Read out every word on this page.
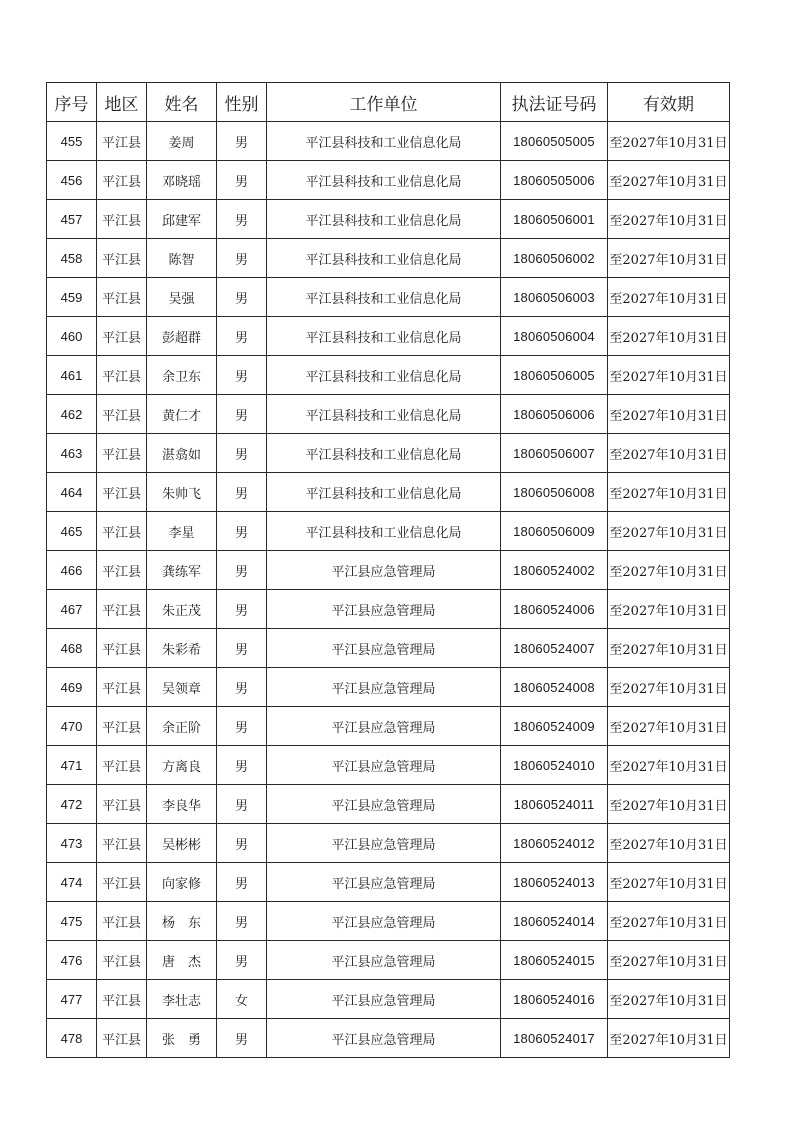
序号	地区	姓名	性别	工作单位	执法证号码	有效期
455	平江县	姜周	男	平江县科技和工业信息化局	18060505005	至2027年10月31日
456	平江县	邓晓瑶	男	平江县科技和工业信息化局	18060505006	至2027年10月31日
457	平江县	邱建军	男	平江县科技和工业信息化局	18060506001	至2027年10月31日
458	平江县	陈智	男	平江县科技和工业信息化局	18060506002	至2027年10月31日
459	平江县	吴强	男	平江县科技和工业信息化局	18060506003	至2027年10月31日
460	平江县	彭超群	男	平江县科技和工业信息化局	18060506004	至2027年10月31日
461	平江县	余卫东	男	平江县科技和工业信息化局	18060506005	至2027年10月31日
462	平江县	黄仁才	男	平江县科技和工业信息化局	18060506006	至2027年10月31日
463	平江县	湛翕如	男	平江县科技和工业信息化局	18060506007	至2027年10月31日
464	平江县	朱帅飞	男	平江县科技和工业信息化局	18060506008	至2027年10月31日
465	平江县	李星	男	平江县科技和工业信息化局	18060506009	至2027年10月31日
466	平江县	龚练军	男	平江县应急管理局	18060524002	至2027年10月31日
467	平江县	朱正茂	男	平江县应急管理局	18060524006	至2027年10月31日
468	平江县	朱彩希	男	平江县应急管理局	18060524007	至2027年10月31日
469	平江县	吴领章	男	平江县应急管理局	18060524008	至2027年10月31日
470	平江县	余正阶	男	平江县应急管理局	18060524009	至2027年10月31日
471	平江县	方离良	男	平江县应急管理局	18060524010	至2027年10月31日
472	平江县	李良华	男	平江县应急管理局	18060524011	至2027年10月31日
473	平江县	吴彬彬	男	平江县应急管理局	18060524012	至2027年10月31日
474	平江县	向家修	男	平江县应急管理局	18060524013	至2027年10月31日
475	平江县	杨　东	男	平江县应急管理局	18060524014	至2027年10月31日
476	平江县	唐　杰	男	平江县应急管理局	18060524015	至2027年10月31日
477	平江县	李壮志	女	平江县应急管理局	18060524016	至2027年10月31日
478	平江县	张　勇	男	平江县应急管理局	18060524017	至2027年10月31日
